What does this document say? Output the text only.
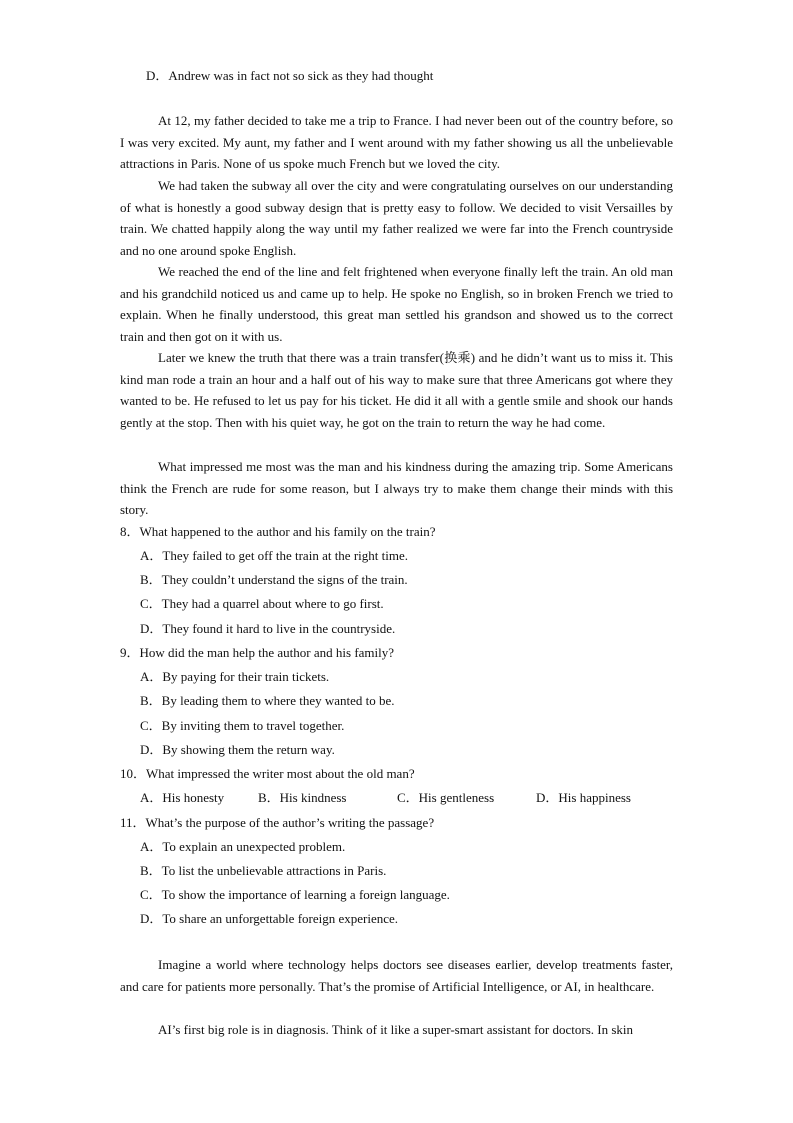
D．Andrew was in fact not so sick as they had thought
At 12, my father decided to take me a trip to France. I had never been out of the country before, so I was very excited. My aunt, my father and I went around with my father showing us all the unbelievable attractions in Paris. None of us spoke much French but we loved the city.
We had taken the subway all over the city and were congratulating ourselves on our understanding of what is honestly a good subway design that is pretty easy to follow. We decided to visit Versailles by train. We chatted happily along the way until my father realized we were far into the French countryside and no one around spoke English.
We reached the end of the line and felt frightened when everyone finally left the train. An old man and his grandchild noticed us and came up to help. He spoke no English, so in broken French we tried to explain. When he finally understood, this great man settled his grandson and showed us to the correct train and then got on it with us.
Later we knew the truth that there was a train transfer(换乘) and he didn’t want us to miss it. This kind man rode a train an hour and a half out of his way to make sure that three Americans got where they wanted to be. He refused to let us pay for his ticket. He did it all with a gentle smile and shook our hands gently at the stop. Then with his quiet way, he got on the train to return the way he had come.
What impressed me most was the man and his kindness during the amazing trip. Some Americans think the French are rude for some reason, but I always try to make them change their minds with this story.
8．What happened to the author and his family on the train?
A．They failed to get off the train at the right time.
B．They couldn’t understand the signs of the train.
C．They had a quarrel about where to go first.
D．They found it hard to live in the countryside.
9．How did the man help the author and his family?
A．By paying for their train tickets.
B．By leading them to where they wanted to be.
C．By inviting them to travel together.
D．By showing them the return way.
10．What impressed the writer most about the old man?
A．His honesty	B．His kindness	C．His gentleness	D．His happiness
11．What’s the purpose of the author’s writing the passage?
A．To explain an unexpected problem.
B．To list the unbelievable attractions in Paris.
C．To show the importance of learning a foreign language.
D．To share an unforgettable foreign experience.
Imagine a world where technology helps doctors see diseases earlier, develop treatments faster, and care for patients more personally. That’s the promise of Artificial Intelligence, or AI, in healthcare.
AI’s first big role is in diagnosis. Think of it like a super-smart assistant for doctors. In skin
